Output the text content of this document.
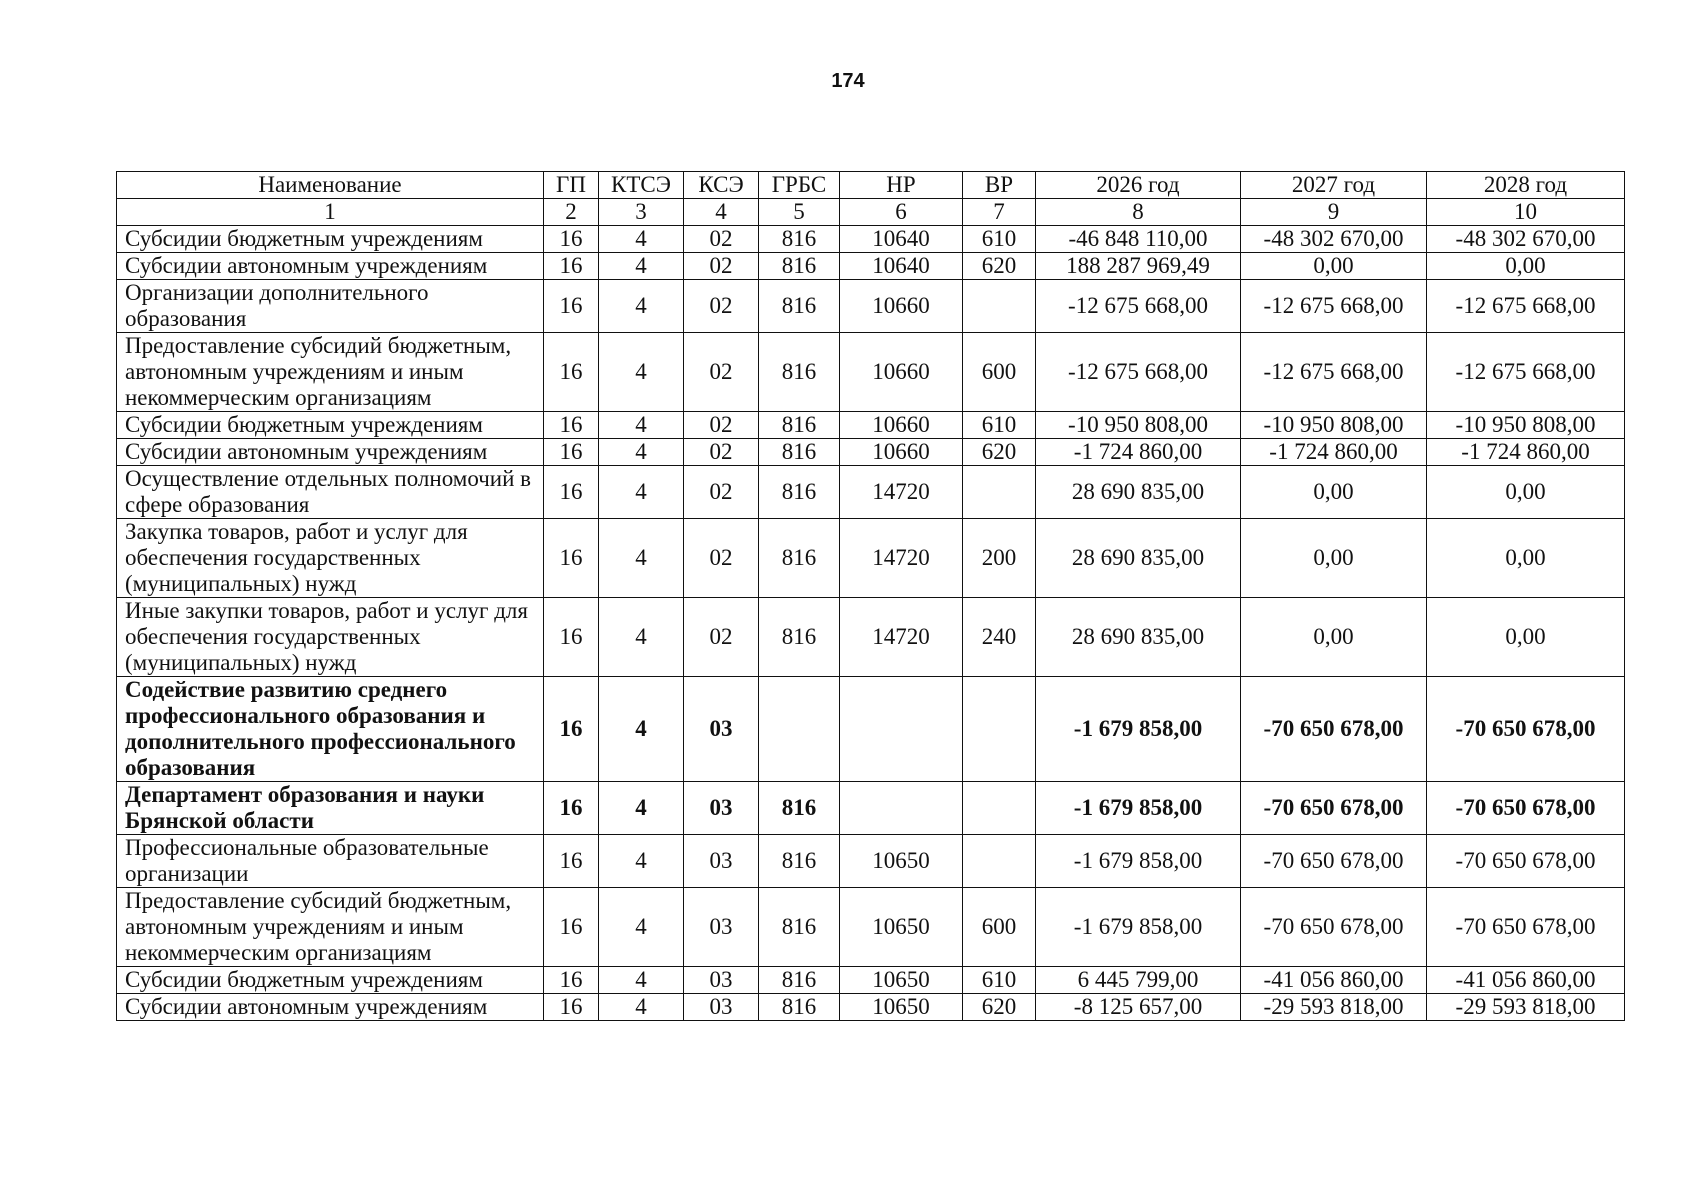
174
Наименование	ГП	КТСЭ	КСЭ	ГРБС	НР	ВР	2026 год	2027 год	2028 год
1	2	3	4	5	6	7	8	9	10
Субсидии бюджетным учреждениям	16	4	02	816	10640	610	-46 848 110,00	-48 302 670,00	-48 302 670,00
Субсидии автономным учреждениям	16	4	02	816	10640	620	188 287 969,49	0,00	0,00
Организации дополнительного образования	16	4	02	816	10660		-12 675 668,00	-12 675 668,00	-12 675 668,00
Предоставление субсидий бюджетным, автономным учреждениям и иным некоммерческим организациям	16	4	02	816	10660	600	-12 675 668,00	-12 675 668,00	-12 675 668,00
Субсидии бюджетным учреждениям	16	4	02	816	10660	610	-10 950 808,00	-10 950 808,00	-10 950 808,00
Субсидии автономным учреждениям	16	4	02	816	10660	620	-1 724 860,00	-1 724 860,00	-1 724 860,00
Осуществление отдельных полномочий в сфере образования	16	4	02	816	14720		28 690 835,00	0,00	0,00
Закупка товаров, работ и услуг для обеспечения государственных (муниципальных) нужд	16	4	02	816	14720	200	28 690 835,00	0,00	0,00
Иные закупки товаров, работ и услуг для обеспечения государственных (муниципальных) нужд	16	4	02	816	14720	240	28 690 835,00	0,00	0,00
Содействие развитию среднего профессионального образования и дополнительного профессионального образования	16	4	03				-1 679 858,00	-70 650 678,00	-70 650 678,00
Департамент образования и науки Брянской области	16	4	03	816			-1 679 858,00	-70 650 678,00	-70 650 678,00
Профессиональные образовательные организации	16	4	03	816	10650		-1 679 858,00	-70 650 678,00	-70 650 678,00
Предоставление субсидий бюджетным, автономным учреждениям и иным некоммерческим организациям	16	4	03	816	10650	600	-1 679 858,00	-70 650 678,00	-70 650 678,00
Субсидии бюджетным учреждениям	16	4	03	816	10650	610	6 445 799,00	-41 056 860,00	-41 056 860,00
Субсидии автономным учреждениям	16	4	03	816	10650	620	-8 125 657,00	-29 593 818,00	-29 593 818,00
